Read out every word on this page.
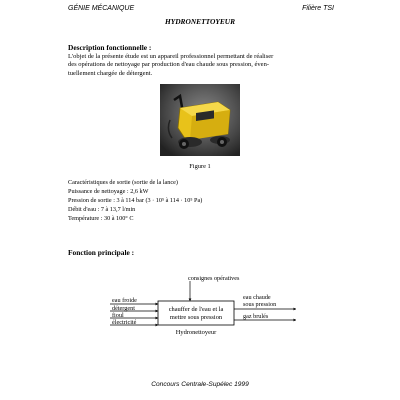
GÉNIE MÉCANIQUE	Filière TSI
HYDRONETTOYEUR
Description fonctionnelle :
L'objet de la présente étude est un appareil professionnel permettant de réaliser
des opérations de nettoyage par production d'eau chaude sous pression, éven-
tuellement chargée de détergent.
Figure 1
Caractéristiques de sortie (sortie de la lance)
Puissance de nettoyage : 2,6 kW
Pression de sortie : 3 à 114 bar (3 · 10⁵ à 114 · 10⁵ Pa)
Débit d'eau : 7 à 13,7 l/min
Température : 30 à 100° C
Fonction principale :
consignes opératives
chauffer de l'eau et la
mettre sous pression
eau froide
détergent
fioul
électricité
eau chaude
sous pression
gaz brulés
Hydronettoyeur
Concours Centrale-Supélec 1999
